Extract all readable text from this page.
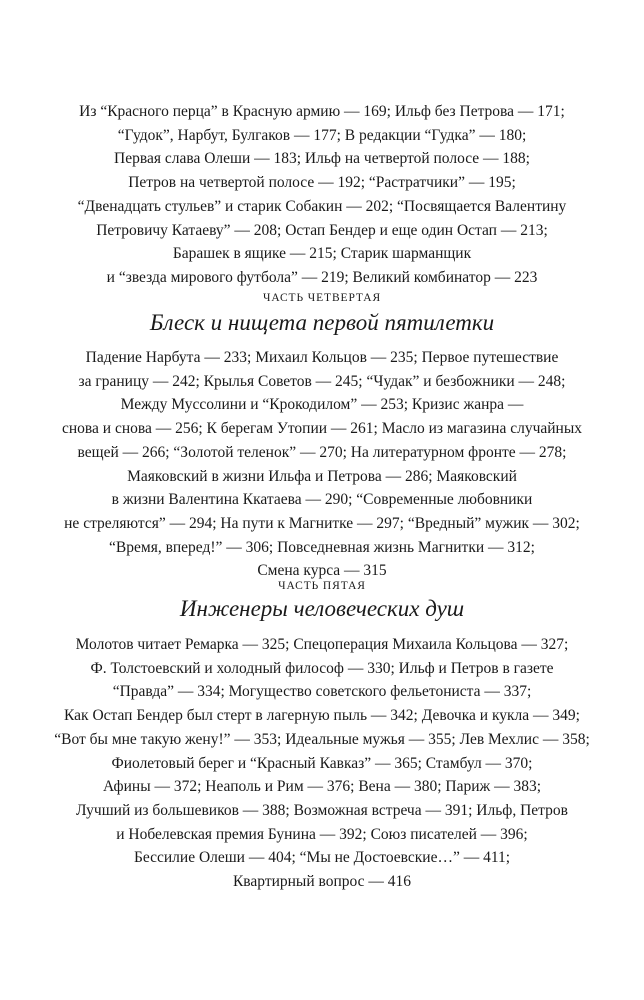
Из “Красного перца” в Красную армию — 169; Ильф без Петрова — 171;
“Гудок”, Нарбут, Булгаков — 177; В редакции “Гудка” — 180;
Первая слава Олеши — 183; Ильф на четвертой полосе — 188;
Петров на четвертой полосе — 192; “Растратчики” — 195;
“Двенадцать стульев” и старик Собакин — 202; “Посвящается Валентину
Петровичу Катаеву” — 208; Остап Бендер и еще один Остап — 213;
Барашек в ящике — 215; Старик шарманщик
и “звезда мирового футбола” — 219; Великий комбинатор — 223
ЧАСТЬ ЧЕТВЕРТАЯ
Блеск и нищета первой пятилетки
Падение Нарбута — 233; Михаил Кольцов — 235; Первое путешествие
за границу — 242; Крылья Советов — 245; “Чудак” и безбожники — 248;
Между Муссолини и “Крокодилом” — 253; Кризис жанра —
снова и снова — 256; К берегам Утопии — 261; Масло из магазина случайных
вещей — 266; “Золотой теленок” — 270; На литературном фронте — 278;
Маяковский в жизни Ильфа и Петрова — 286; Маяковский
в жизни Валентина Ккатаева — 290; “Современные любовники
не стреляются” — 294; На пути к Магнитке — 297; “Вредный” мужик — 302;
“Время, вперед!” — 306; Повседневная жизнь Магнитки — 312;
Смена курса — 315
ЧАСТЬ ПЯТАЯ
Инженеры человеческих душ
Молотов читает Ремарка — 325; Спецоперация Михаила Кольцова — 327;
Ф. Толстоевский и холодный философ — 330; Ильф и Петров в газете
“Правда” — 334; Могущество советского фельетониста — 337;
Как Остап Бендер был стерт в лагерную пыль — 342; Девочка и кукла — 349;
“Вот бы мне такую жену!” — 353; Идеальные мужья — 355; Лев Мехлис — 358;
Фиолетовый берег и “Красный Кавказ” — 365; Стамбул — 370;
Афины — 372; Неаполь и Рим — 376; Вена — 380; Париж — 383;
Лучший из большевиков — 388; Возможная встреча — 391; Ильф, Петров
и Нобелевская премия Бунина — 392; Союз писателей — 396;
Бессилие Олеши — 404; “Мы не Достоевские…” — 411;
Квартирный вопрос — 416
